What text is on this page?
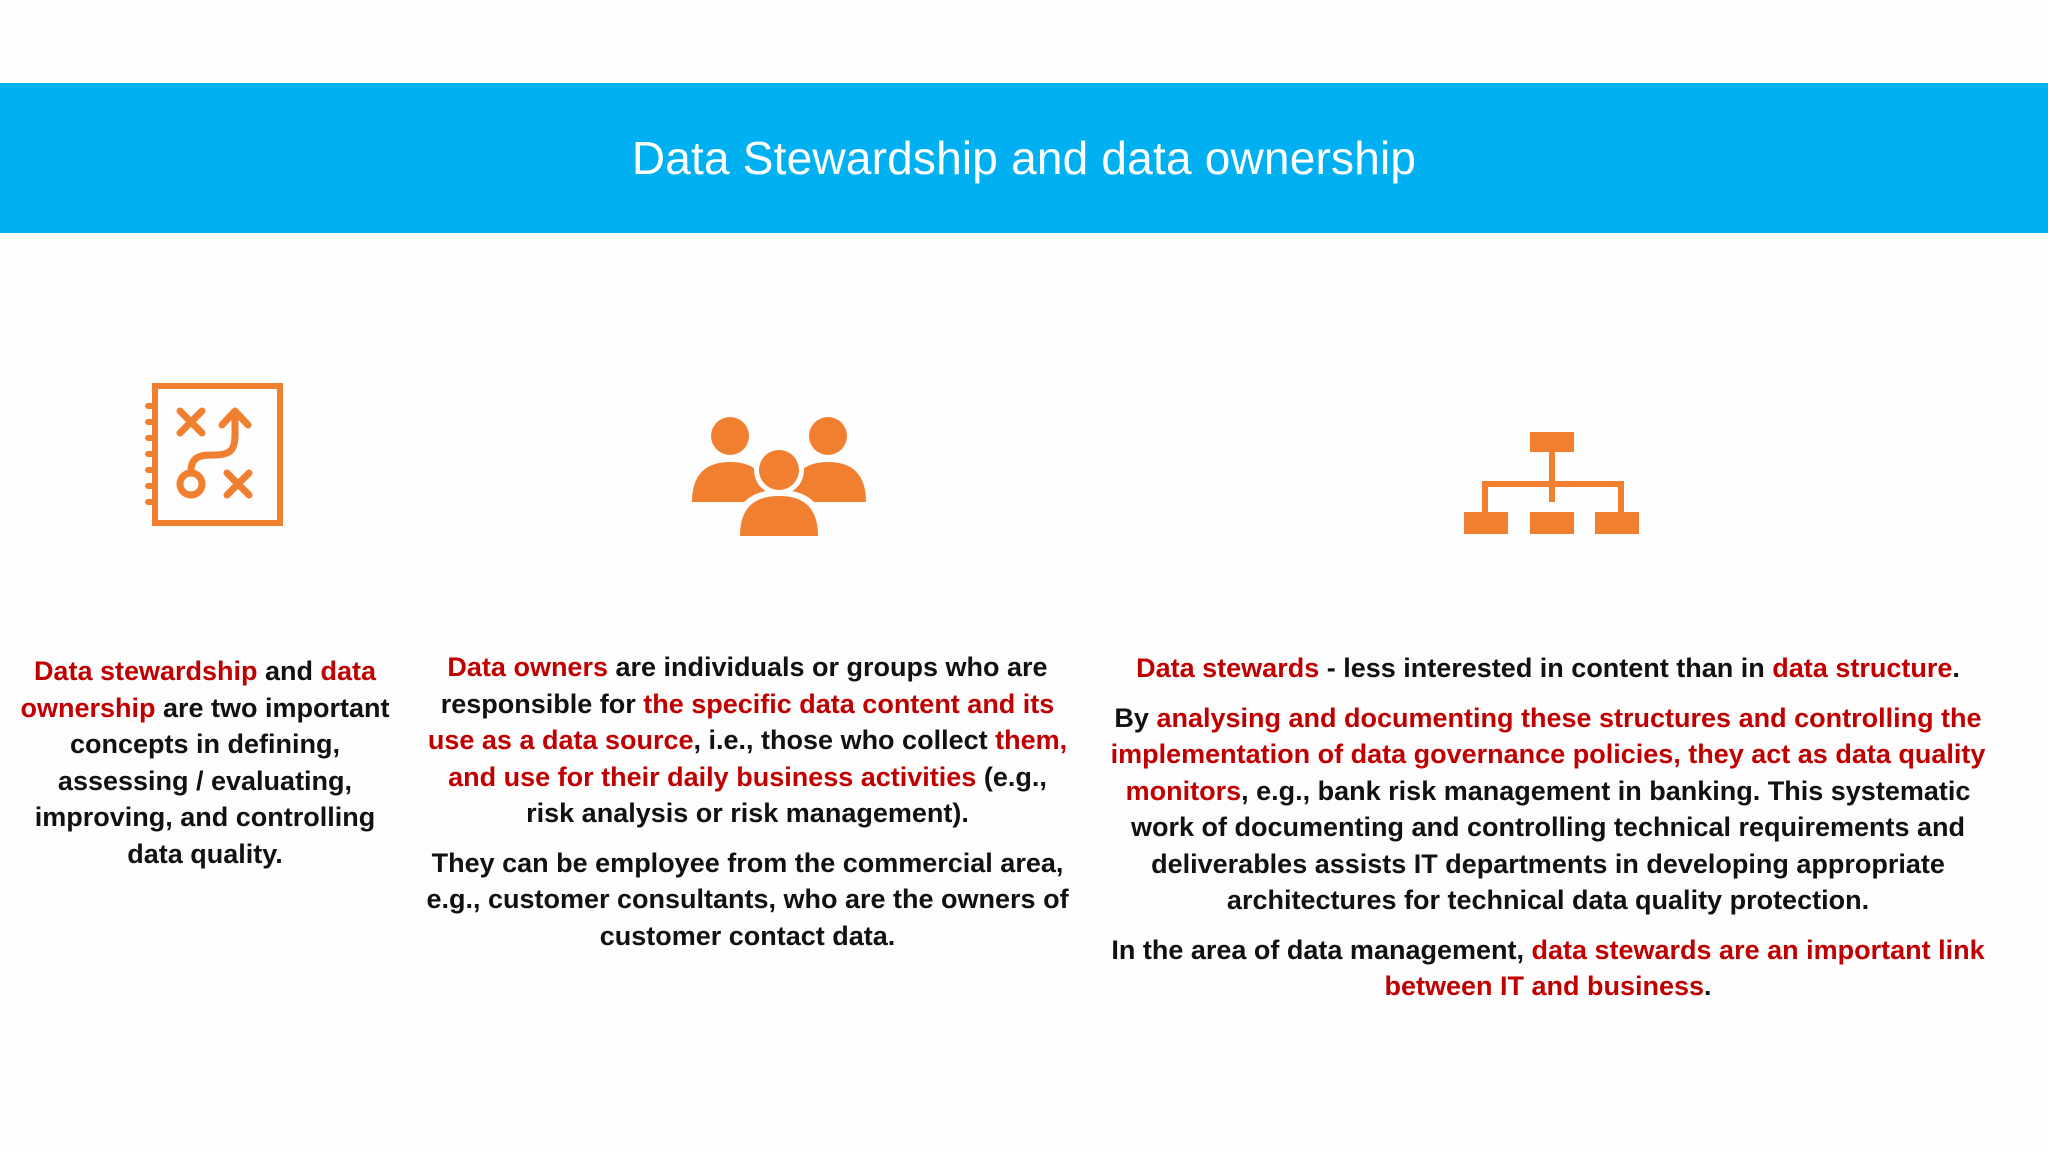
Data Stewardship and data ownership

Data stewardship and data ownership are two important concepts in defining, assessing / evaluating, improving, and controlling data quality.

Data owners are individuals or groups who are responsible for the specific data content and its use as a data source, i.e., those who collect them, and use for their daily business activities (e.g., risk analysis or risk management).

They can be employee from the commercial area, e.g., customer consultants, who are the owners of customer contact data.

Data stewards - less interested in content than in data structure.

By analysing and documenting these structures and controlling the implementation of data governance policies, they act as data quality monitors, e.g., bank risk management in banking. This systematic work of documenting and controlling technical requirements and deliverables assists IT departments in developing appropriate architectures for technical data quality protection.

In the area of data management, data stewards are an important link between IT and business.
